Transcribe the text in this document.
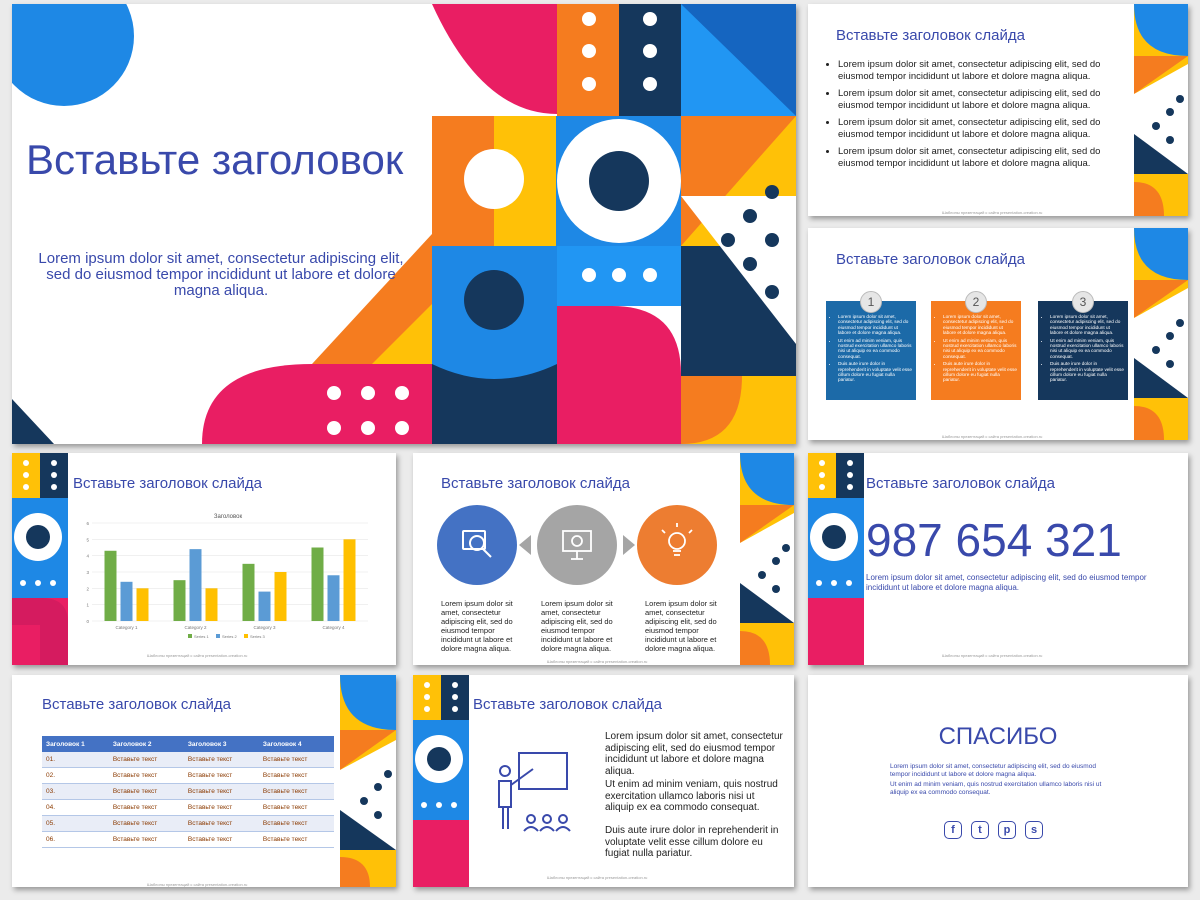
Вставьте заголовок
Lorem ipsum dolor sit amet, consectetur adipiscing elit, sed do eiusmod tempor incididunt ut labore et dolore magna aliqua.
Вставьте заголовок слайда
• Lorem ipsum dolor sit amet, consectetur adipiscing elit, sed do eiusmod tempor incididunt ut labore et dolore magna aliqua.
• Lorem ipsum dolor sit amet, consectetur adipiscing elit, sed do eiusmod tempor incididunt ut labore et dolore magna aliqua.
• Lorem ipsum dolor sit amet, consectetur adipiscing elit, sed do eiusmod tempor incididunt ut labore et dolore magna aliqua.
• Lorem ipsum dolor sit amet, consectetur adipiscing elit, sed do eiusmod tempor incididunt ut labore et dolore magna aliqua.
Шаблоны презентаций с сайта presentation-creation.ru
Вставьте заголовок слайда
• Lorem ipsum dolor sit amet, consectetur adipiscing elit, sed do eiusmod tempor incididunt ut labore et dolore magna aliqua.
• Ut enim ad minim veniam, quis nostrud exercitation ullamco laboris nisi ut aliquip ex ea commodo consequat.
• Duis aute irure dolor in reprehenderit in voluptate velit esse cillum dolore eu fugiat nulla pariatur.
1
• Lorem ipsum dolor sit amet, consectetur adipiscing elit, sed do eiusmod tempor incididunt ut labore et dolore magna aliqua.
• Ut enim ad minim veniam, quis nostrud exercitation ullamco laboris nisi ut aliquip ex ea commodo consequat.
• Duis aute irure dolor in reprehenderit in voluptate velit esse cillum dolore eu fugiat nulla pariatur.
2
• Lorem ipsum dolor sit amet, consectetur adipiscing elit, sed do eiusmod tempor incididunt ut labore et dolore magna aliqua.
• Ut enim ad minim veniam, quis nostrud exercitation ullamco laboris nisi ut aliquip ex ea commodo consequat.
• Duis aute irure dolor in reprehenderit in voluptate velit esse cillum dolore eu fugiat nulla pariatur.
3
Шаблоны презентаций с сайта presentation-creation.ru
Вставьте заголовок слайда
Заголовок
0
1
2
3
4
5
6
Category 1	Category 2	Category 3	Category 4
Series 1	Series 2	Series 3
Шаблоны презентаций с сайта presentation-creation.ru
Вставьте заголовок слайда
Lorem ipsum dolor sit amet, consectetur adipiscing elit, sed do eiusmod tempor incididunt ut labore et dolore magna aliqua.
Lorem ipsum dolor sit amet, consectetur adipiscing elit, sed do eiusmod tempor incididunt ut labore et dolore magna aliqua.
Lorem ipsum dolor sit amet, consectetur adipiscing elit, sed do eiusmod tempor incididunt ut labore et dolore magna aliqua.
Шаблоны презентаций с сайта presentation-creation.ru
Вставьте заголовок слайда
987 654 321
Lorem ipsum dolor sit amet, consectetur adipiscing elit, sed do eiusmod tempor incididunt ut labore et dolore magna aliqua.
Шаблоны презентаций с сайта presentation-creation.ru
Вставьте заголовок слайда
Заголовок 1	Заголовок 2	Заголовок 3	Заголовок 4
01.	Вставьте текст	Вставьте текст	Вставьте текст
02.	Вставьте текст	Вставьте текст	Вставьте текст
03.	Вставьте текст	Вставьте текст	Вставьте текст
04.	Вставьте текст	Вставьте текст	Вставьте текст
05.	Вставьте текст	Вставьте текст	Вставьте текст
06.	Вставьте текст	Вставьте текст	Вставьте текст
Шаблоны презентаций с сайта presentation-creation.ru
Вставьте заголовок слайда
Lorem ipsum dolor sit amet, consectetur adipiscing elit, sed do eiusmod tempor incididunt ut labore et dolore magna aliqua.
Ut enim ad minim veniam, quis nostrud exercitation ullamco laboris nisi ut aliquip ex ea commodo consequat.
Duis aute irure dolor in reprehenderit in voluptate velit esse cillum dolore eu fugiat nulla pariatur.
Шаблоны презентаций с сайта presentation-creation.ru
СПАСИБО
Lorem ipsum dolor sit amet, consectetur adipiscing elit, sed do eiusmod tempor incididunt ut labore et dolore magna aliqua.
Ut enim ad minim veniam, quis nostrud exercitation ullamco laboris nisi ut aliquip ex ea commodo consequat.
f	t	p	s
